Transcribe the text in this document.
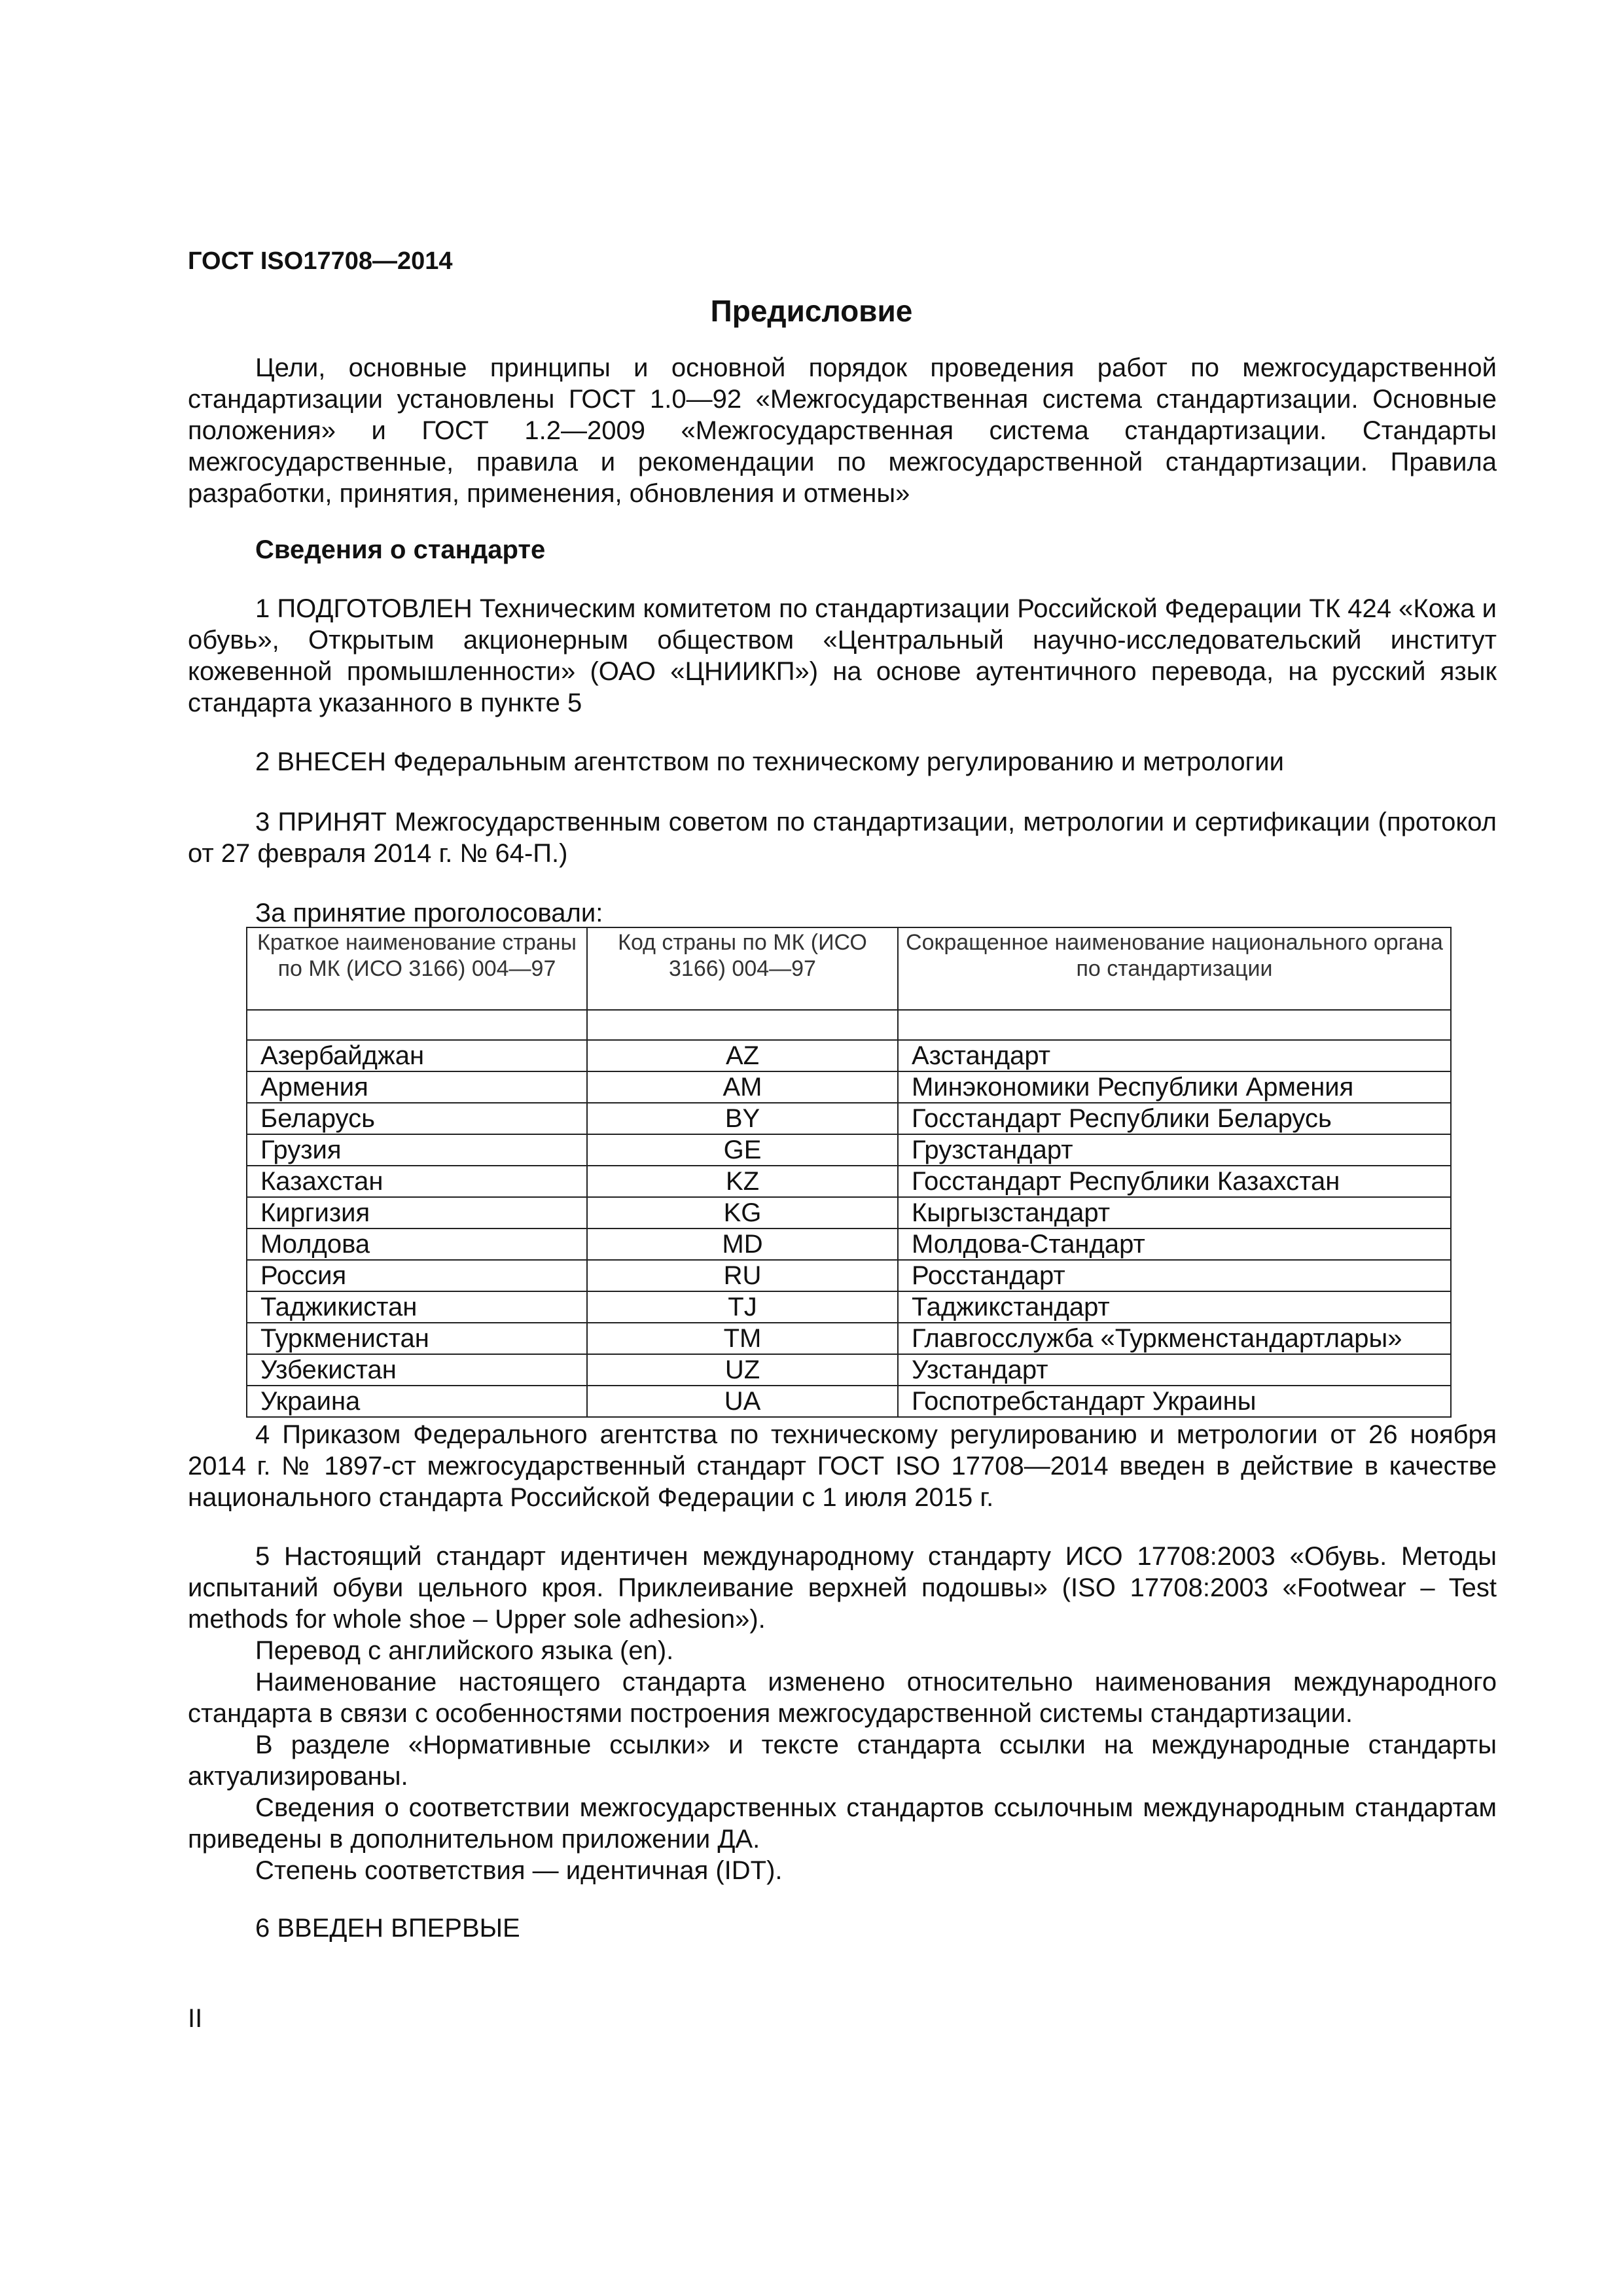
ГОСТ ISO17708—2014

Предисловие

Цели, основные принципы и основной порядок проведения работ по межгосударственной стандартизации установлены ГОСТ 1.0—92 «Межгосударственная система стандартизации. Основные положения» и ГОСТ 1.2—2009 «Межгосударственная система стандартизации. Стандарты межгосударственные, правила и рекомендации по межгосударственной стандартизации. Правила разработки, принятия, применения, обновления и отмены»

Сведения о стандарте

1 ПОДГОТОВЛЕН Техническим комитетом по стандартизации Российской Федерации ТК 424 «Кожа и обувь», Открытым акционерным обществом «Центральный научно-исследовательский институт кожевенной промышленности» (ОАО «ЦНИИКП») на основе аутентичного перевода, на русский язык стандарта указанного в пункте 5

2 ВНЕСЕН Федеральным агентством по техническому регулированию и метрологии

3 ПРИНЯТ Межгосударственным советом по стандартизации, метрологии и сертификации (протокол от 27 февраля 2014 г. № 64-П.)

За принятие проголосовали:

Краткое наименование страны по МК (ИСО 3166) 004—97	Код страны по МК (ИСО 3166) 004—97	Сокращенное наименование национального органа по стандартизации

Азербайджан	AZ	Азстандарт
Армения	AM	Минэкономики Республики Армения
Беларусь	BY	Госстандарт Республики Беларусь
Грузия	GE	Грузстандарт
Казахстан	KZ	Госстандарт Республики Казахстан
Киргизия	KG	Кыргызстандарт
Молдова	MD	Молдова-Стандарт
Россия	RU	Росстандарт
Таджикистан	TJ	Таджикстандарт
Туркменистан	TM	Главгосслужба «Туркменстандартлары»
Узбекистан	UZ	Узстандарт
Украина	UA	Госпотребстандарт Украины

4 Приказом Федерального агентства по техническому регулированию и метрологии от 26 ноября 2014 г. № 1897-ст межгосударственный стандарт ГОСТ ISO 17708—2014 введен в действие в качестве национального стандарта Российской Федерации с 1 июля 2015 г.

5 Настоящий стандарт идентичен международному стандарту ИСО 17708:2003 «Обувь. Методы испытаний обуви цельного кроя. Приклеивание верхней подошвы» (ISO 17708:2003 «Footwear – Test methods for whole shoe – Upper sole adhesion»).

Перевод с английского языка (en).

Наименование настоящего стандарта изменено относительно наименования международного стандарта в связи с особенностями построения межгосударственной системы стандартизации.

В разделе «Нормативные ссылки» и тексте стандарта ссылки на международные стандарты актуализированы.

Сведения о соответствии межгосударственных стандартов ссылочным международным стандартам приведены в дополнительном приложении ДА.

Степень соответствия — идентичная (IDT).

6 ВВЕДЕН ВПЕРВЫЕ

II
